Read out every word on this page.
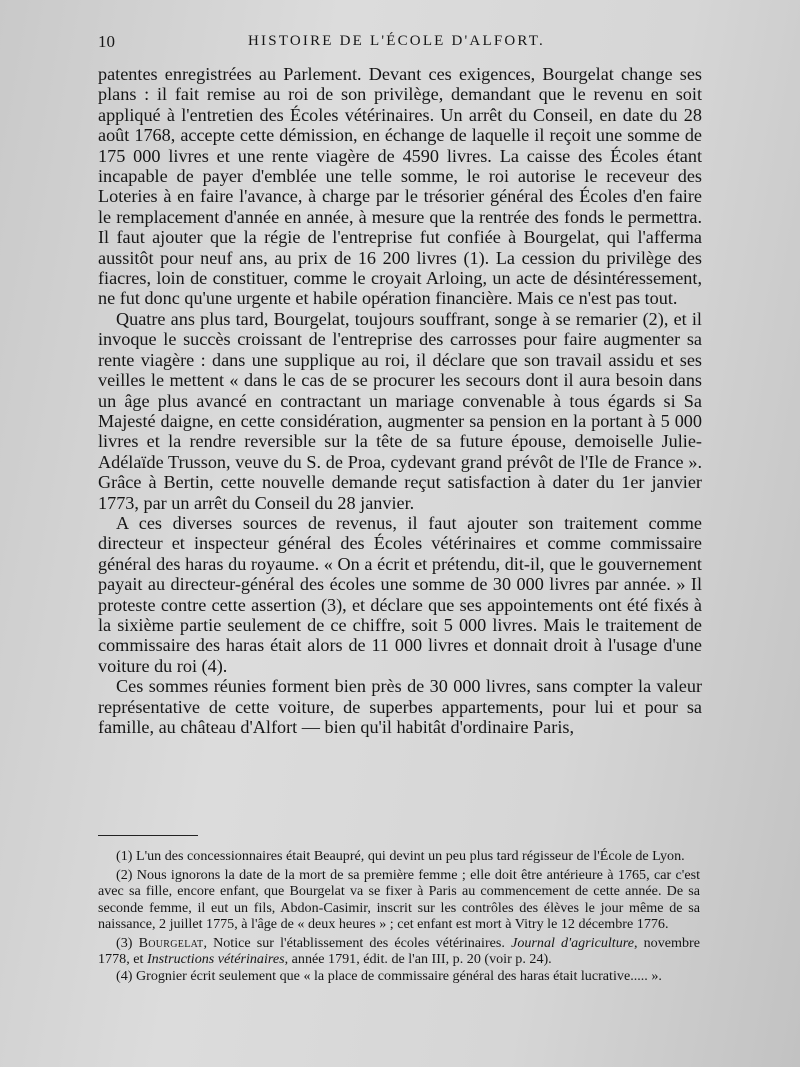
10	HISTOIRE DE L'ÉCOLE D'ALFORT.

patentes enregistrées au Parlement. Devant ces exigences, Bourgelat change ses plans : il fait remise au roi de son privilège, demandant que le revenu en soit appliqué à l'entretien des Écoles vétérinaires. Un arrêt du Conseil, en date du 28 août 1768, accepte cette démission, en échange de laquelle il reçoit une somme de 175 000 livres et une rente viagère de 4590 livres. La caisse des Écoles étant incapable de payer d'emblée une telle somme, le roi autorise le receveur des Loteries à en faire l'avance, à charge par le trésorier général des Écoles d'en faire le remplacement d'année en année, à mesure que la rentrée des fonds le permettra. Il faut ajouter que la régie de l'entreprise fut confiée à Bourgelat, qui l'afferma aussitôt pour neuf ans, au prix de 16 200 livres (1). La cession du privilège des fiacres, loin de constituer, comme le croyait Arloing, un acte de désintéressement, ne fut donc qu'une urgente et habile opération financière. Mais ce n'est pas tout.

Quatre ans plus tard, Bourgelat, toujours souffrant, songe à se remarier (2), et il invoque le succès croissant de l'entreprise des carrosses pour faire augmenter sa rente viagère : dans une supplique au roi, il déclare que son travail assidu et ses veilles le mettent « dans le cas de se procurer les secours dont il aura besoin dans un âge plus avancé en contractant un mariage convenable à tous égards si Sa Majesté daigne, en cette considération, augmenter sa pension en la portant à 5 000 livres et la rendre reversible sur la tête de sa future épouse, demoiselle Julie-Adélaïde Trusson, veuve du S. de Proa, cydevant grand prévôt de l'Ile de France ». Grâce à Bertin, cette nouvelle demande reçut satisfaction à dater du 1er janvier 1773, par un arrêt du Conseil du 28 janvier.

A ces diverses sources de revenus, il faut ajouter son traitement comme directeur et inspecteur général des Écoles vétérinaires et comme commissaire général des haras du royaume. « On a écrit et prétendu, dit-il, que le gouvernement payait au directeur-général des écoles une somme de 30 000 livres par année. » Il proteste contre cette assertion (3), et déclare que ses appointements ont été fixés à la sixième partie seulement de ce chiffre, soit 5 000 livres. Mais le traitement de commissaire des haras était alors de 11 000 livres et donnait droit à l'usage d'une voiture du roi (4).

Ces sommes réunies forment bien près de 30 000 livres, sans compter la valeur représentative de cette voiture, de superbes appartements, pour lui et pour sa famille, au château d'Alfort — bien qu'il habitât d'ordinaire Paris,

(1) L'un des concessionnaires était Beaupré, qui devint un peu plus tard régisseur de l'École de Lyon.

(2) Nous ignorons la date de la mort de sa première femme ; elle doit être antérieure à 1765, car c'est avec sa fille, encore enfant, que Bourgelat va se fixer à Paris au commencement de cette année. De sa seconde femme, il eut un fils, Abdon-Casimir, inscrit sur les contrôles des élèves le jour même de sa naissance, 2 juillet 1775, à l'âge de « deux heures » ; cet enfant est mort à Vitry le 12 décembre 1776.

(3) Bourgelat, Notice sur l'établissement des écoles vétérinaires. Journal d'agriculture, novembre 1778, et Instructions vétérinaires, année 1791, édit. de l'an III, p. 20 (voir p. 24).

(4) Grognier écrit seulement que « la place de commissaire général des haras était lucrative..... ».
